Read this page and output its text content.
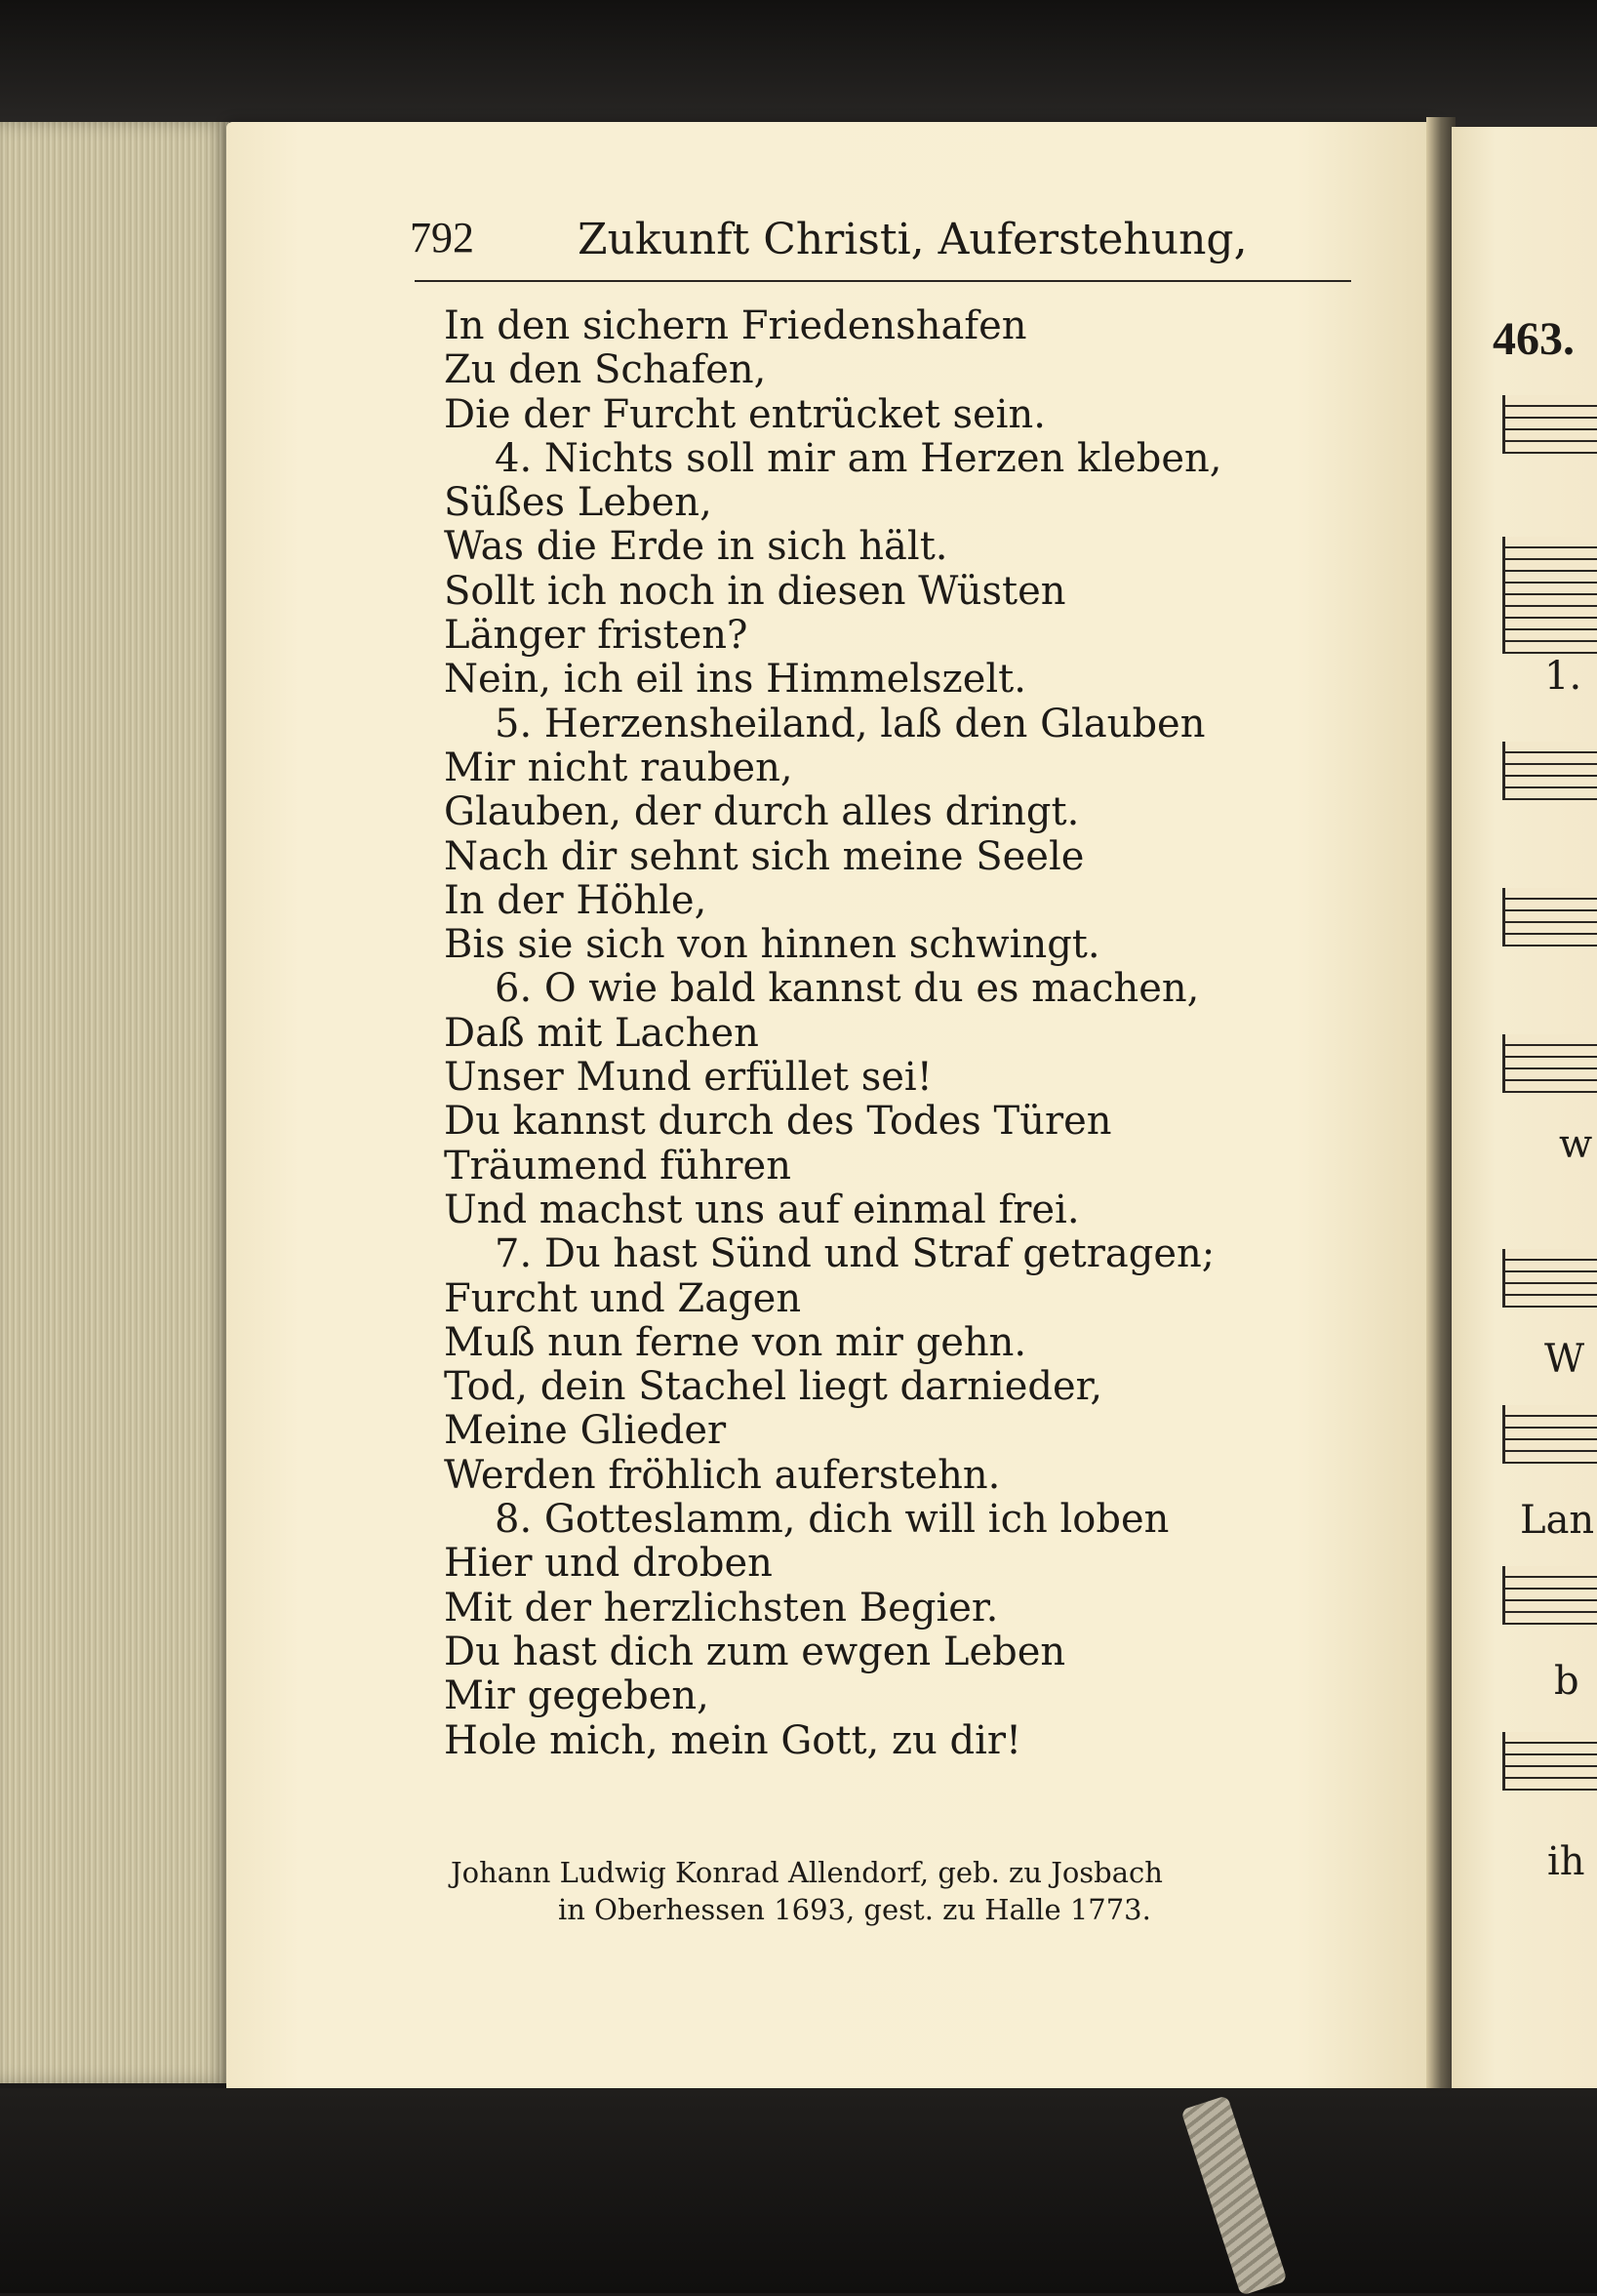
463.
1.
w
W
Lan
b
ih
792 Zukunft Christi, Auferstehung,
In den sichern Friedenshafen
Zu den Schafen,
Die der Furcht entrücket sein.
4. Nichts soll mir am Herzen kleben,
Süßes Leben,
Was die Erde in sich hält.
Sollt ich noch in diesen Wüsten
Länger fristen?
Nein, ich eil ins Himmelszelt.
5. Herzensheiland, laß den Glauben
Mir nicht rauben,
Glauben, der durch alles dringt.
Nach dir sehnt sich meine Seele
In der Höhle,
Bis sie sich von hinnen schwingt.
6. O wie bald kannst du es machen,
Daß mit Lachen
Unser Mund erfüllet sei!
Du kannst durch des Todes Türen
Träumend führen
Und machst uns auf einmal frei.
7. Du hast Sünd und Straf getragen;
Furcht und Zagen
Muß nun ferne von mir gehn.
Tod, dein Stachel liegt darnieder,
Meine Glieder
Werden fröhlich auferstehn.
8. Gotteslamm, dich will ich loben
Hier und droben
Mit der herzlichsten Begier.
Du hast dich zum ewgen Leben
Mir gegeben,
Hole mich, mein Gott, zu dir!
Johann Ludwig Konrad Allendorf, geb. zu Josbach
in Oberhessen 1693, gest. zu Halle 1773.
